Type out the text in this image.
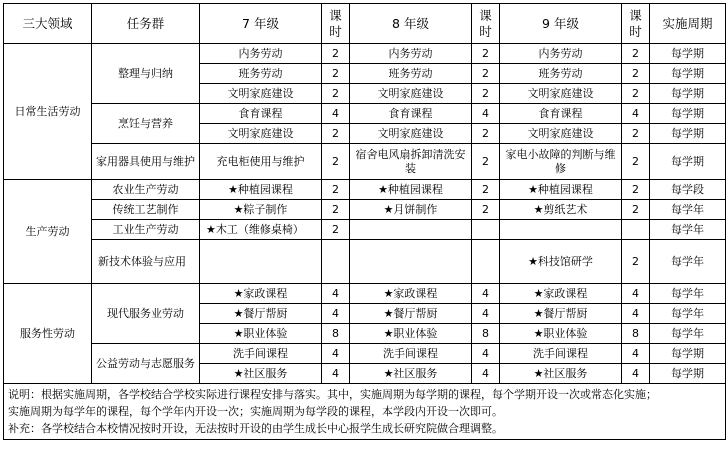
三大领域	任务群	7 年级	课时	8 年级	课时	9 年级	课时	实施周期
日常生活劳动	整理与归纳	内务劳动	2	内务劳动	2	内务劳动	2	每学期
		班务劳动	2	班务劳动	2	班务劳动	2	每学期
		文明家庭建设	2	文明家庭建设	2	文明家庭建设	2	每学期
	烹饪与营养	食育课程	4	食育课程	4	食育课程	4	每学期
		文明家庭建设	2	文明家庭建设	2	文明家庭建设	2	每学期
	家用器具使用与维护	充电柜使用与维护	2	宿舍电风扇拆卸清洗安装	2	家电小故障的判断与维修	2	每学期
生产劳动	农业生产劳动	★种植园课程	2	★种植园课程	2	★种植园课程	2	每学段
	传统工艺制作	★粽子制作	2	★月饼制作	2	★剪纸艺术	2	每学年
	工业生产劳动	★木工（维修桌椅）	2					每学年
	新技术体验与应用					★科技馆研学	2	每学年
服务性劳动	现代服务业劳动	★家政课程	4	★家政课程	4	★家政课程	4	每学年
		★餐厅帮厨	4	★餐厅帮厨	4	★餐厅帮厨	4	每学年
		★职业体验	8	★职业体验	8	★职业体验	8	每学年
	公益劳动与志愿服务	洗手间课程	4	洗手间课程	4	洗手间课程	4	每学期
		★社区服务	4	★社区服务	4	★社区服务	4	每学期

说明：根据实施周期，各学校结合学校实际进行课程安排与落实。其中，实施周期为每学期的课程，每个学期开设一次或常态化实施；
实施周期为每学年的课程，每个学年内开设一次；实施周期为每学段的课程，本学段内开设一次即可。
补充：各学校结合本校情况按时开设，无法按时开设的由学生成长中心报学生成长研究院做合理调整。								
